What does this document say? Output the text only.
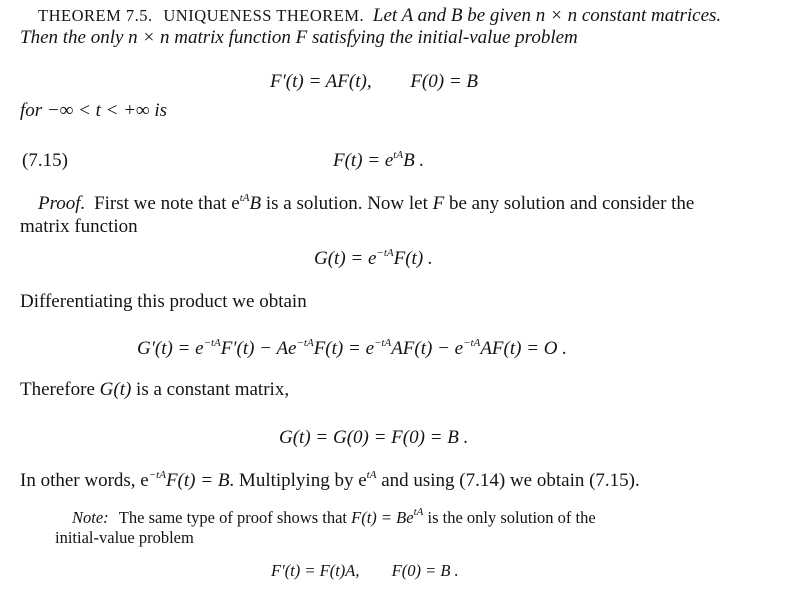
THEOREM 7.5. UNIQUENESS THEOREM. Let A and B be given n × n constant matrices.
Then the only n × n matrix function F satisfying the initial-value problem
F′(t) = AF(t), F(0) = B
for −∞ < t < +∞ is
(7.15)	$F(t) = e^{tA}B$ .
Proof. First we note that $e^{tA}B$ is a solution. Now let F be any solution and consider the
matrix function
$G(t) = e^{-tA}F(t)$ .
Differentiating this product we obtain
$G'(t) = e^{-tA}F'(t) - Ae^{-tA}F(t) = e^{-tA}AF(t) - e^{-tA}AF(t) = O$ .
Therefore G(t) is a constant matrix,
G(t) = G(0) = F(0) = B .
In other words, $e^{-tA}F(t) = B$. Multiplying by $e^{tA}$ and using (7.14) we obtain (7.15).
Note: The same type of proof shows that $F(t) = Be^{tA}$ is the only solution of the
initial-value problem
F′(t) = F(t)A, F(0) = B .
